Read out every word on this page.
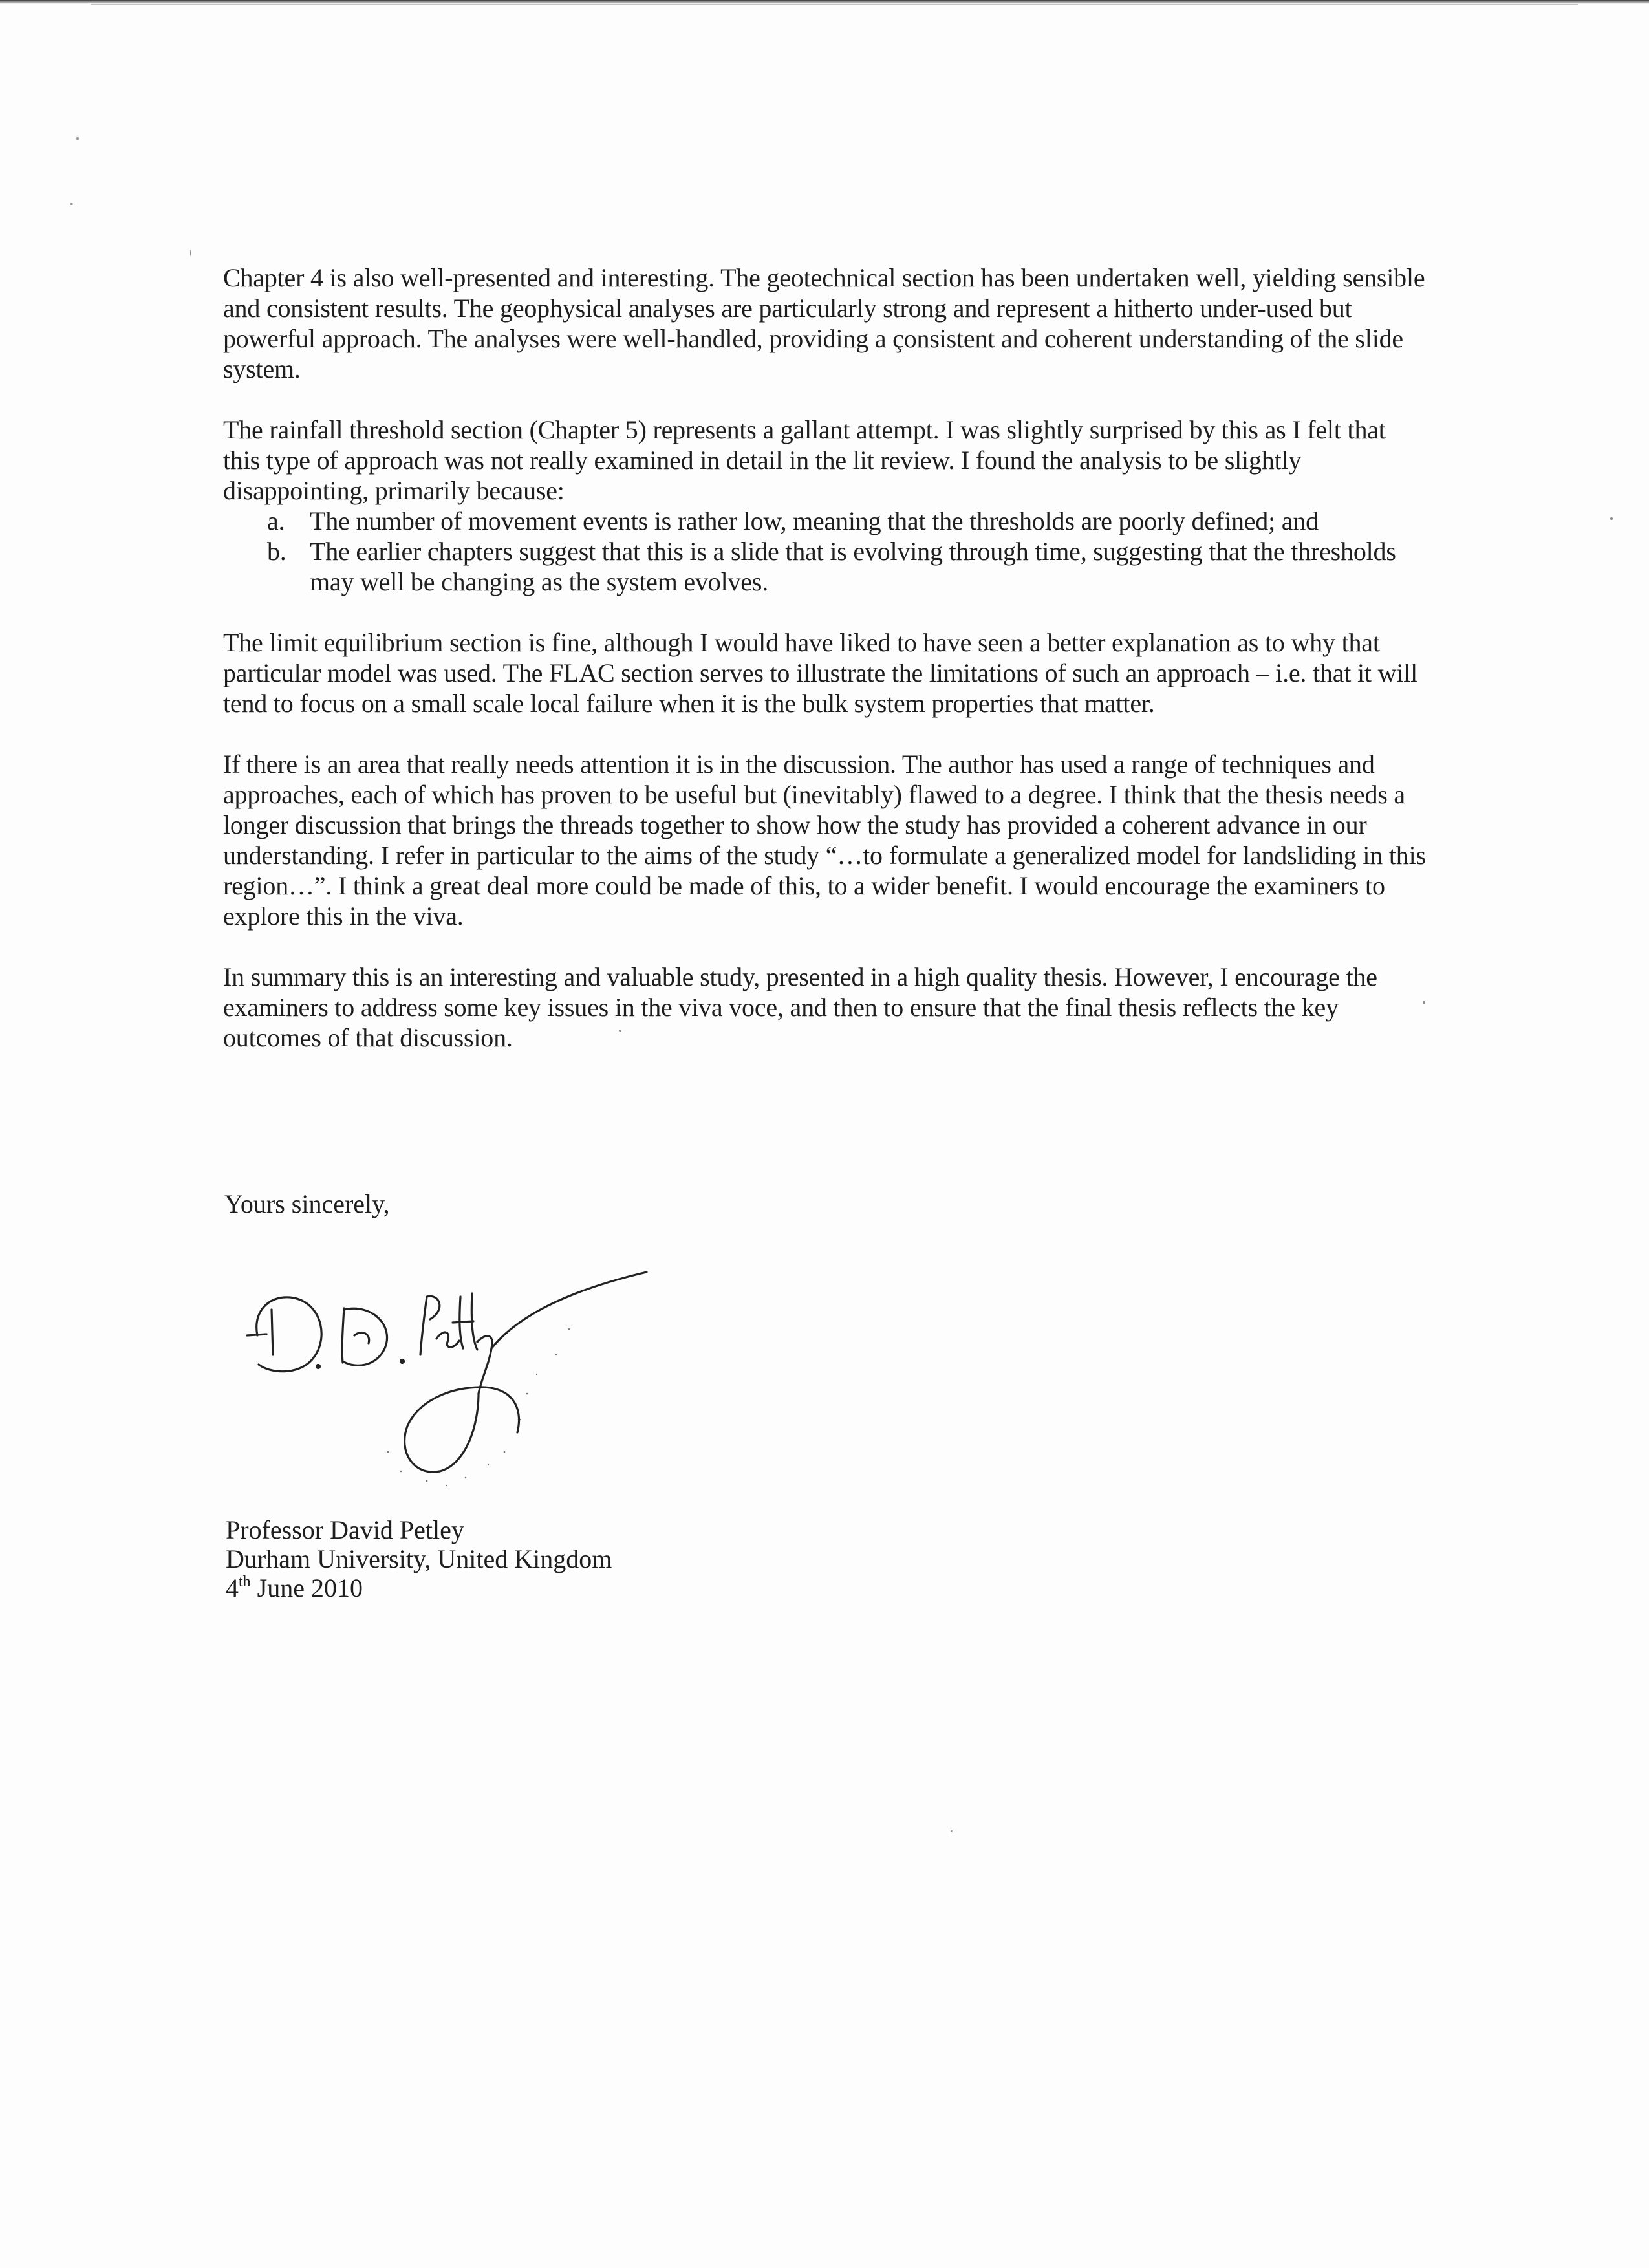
Chapter 4 is also well-presented and interesting. The geotechnical section has been undertaken well, yielding sensible and consistent results. The geophysical analyses are particularly strong and represent a hitherto under-used but powerful approach. The analyses were well-handled, providing a çonsistent and coherent understanding of the slide system.

The rainfall threshold section (Chapter 5) represents a gallant attempt. I was slightly surprised by this as I felt that this type of approach was not really examined in detail in the lit review. I found the analysis to be slightly disappointing, primarily because:

a. The number of movement events is rather low, meaning that the thresholds are poorly defined; and
b. The earlier chapters suggest that this is a slide that is evolving through time, suggesting that the thresholds may well be changing as the system evolves.

The limit equilibrium section is fine, although I would have liked to have seen a better explanation as to why that particular model was used. The FLAC section serves to illustrate the limitations of such an approach – i.e. that it will tend to focus on a small scale local failure when it is the bulk system properties that matter.

If there is an area that really needs attention it is in the discussion. The author has used a range of techniques and approaches, each of which has proven to be useful but (inevitably) flawed to a degree. I think that the thesis needs a longer discussion that brings the threads together to show how the study has provided a coherent advance in our understanding. I refer in particular to the aims of the study “…to formulate a generalized model for landsliding in this region…”. I think a great deal more could be made of this, to a wider benefit. I would encourage the examiners to explore this in the viva.

In summary this is an interesting and valuable study, presented in a high quality thesis. However, I encourage the examiners to address some key issues in the viva voce, and then to ensure that the final thesis reflects the key outcomes of that discussion.

Yours sincerely,
Professor David Petley
Durham University, United Kingdom
4th June 2010
